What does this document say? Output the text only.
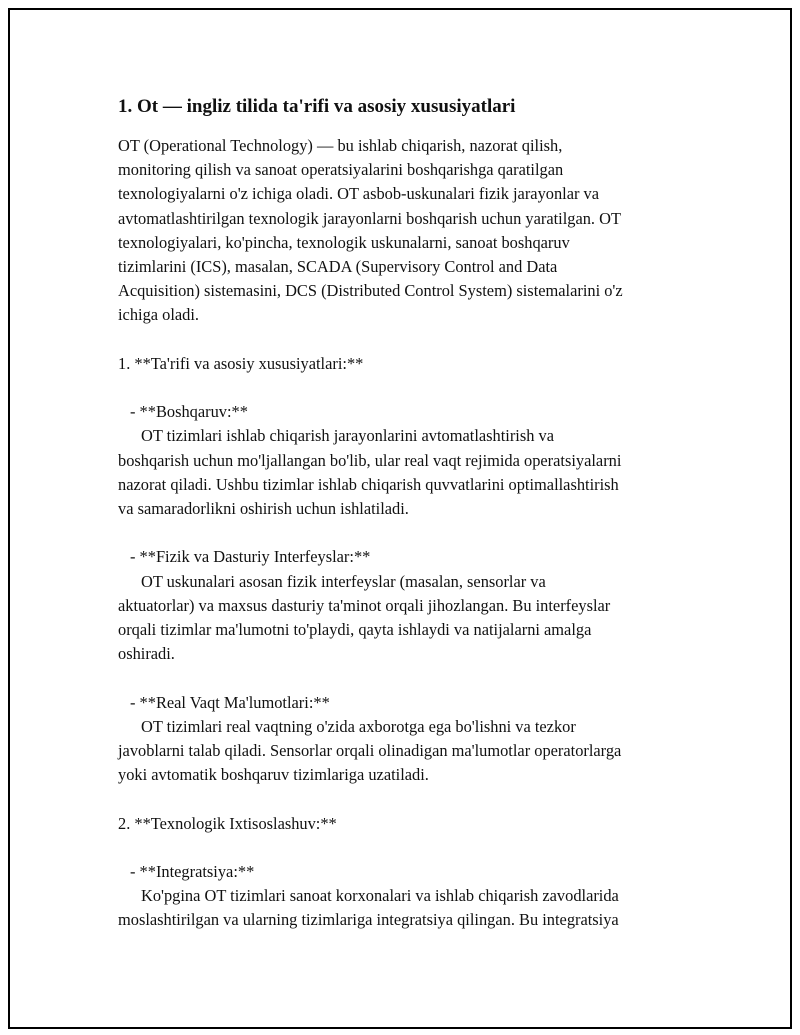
1. Ot — ingliz tilida ta'rifi va asosiy xususiyatlari
OT (Operational Technology) — bu ishlab chiqarish, nazorat qilish,
monitoring qilish va sanoat operatsiyalarini boshqarishga qaratilgan
texnologiyalarni o'z ichiga oladi. OT asbob-uskunalari fizik jarayonlar va
avtomatlashtirilgan texnologik jarayonlarni boshqarish uchun yaratilgan. OT
texnologiyalari, ko'pincha, texnologik uskunalarni, sanoat boshqaruv
tizimlarini (ICS), masalan, SCADA (Supervisory Control and Data
Acquisition) sistemasini, DCS (Distributed Control System) sistemalarini o'z
ichiga oladi.
1. **Ta'rifi va asosiy xususiyatlari:**
- **Boshqaruv:**
OT tizimlari ishlab chiqarish jarayonlarini avtomatlashtirish va
boshqarish uchun mo'ljallangan bo'lib, ular real vaqt rejimida operatsiyalarni
nazorat qiladi. Ushbu tizimlar ishlab chiqarish quvvatlarini optimallashtirish
va samaradorlikni oshirish uchun ishlatiladi.
- **Fizik va Dasturiy Interfeyslar:**
OT uskunalari asosan fizik interfeyslar (masalan, sensorlar va
aktuatorlar) va maxsus dasturiy ta'minot orqali jihozlangan. Bu interfeyslar
orqali tizimlar ma'lumotni to'playdi, qayta ishlaydi va natijalarni amalga
oshiradi.
- **Real Vaqt Ma'lumotlari:**
OT tizimlari real vaqtning o'zida axborotga ega bo'lishni va tezkor
javoblarni talab qiladi. Sensorlar orqali olinadigan ma'lumotlar operatorlarga
yoki avtomatik boshqaruv tizimlariga uzatiladi.
2. **Texnologik Ixtisoslashuv:**
- **Integratsiya:**
Ko'pgina OT tizimlari sanoat korxonalari va ishlab chiqarish zavodlarida
moslashtirilgan va ularning tizimlariga integratsiya qilingan. Bu integratsiya
